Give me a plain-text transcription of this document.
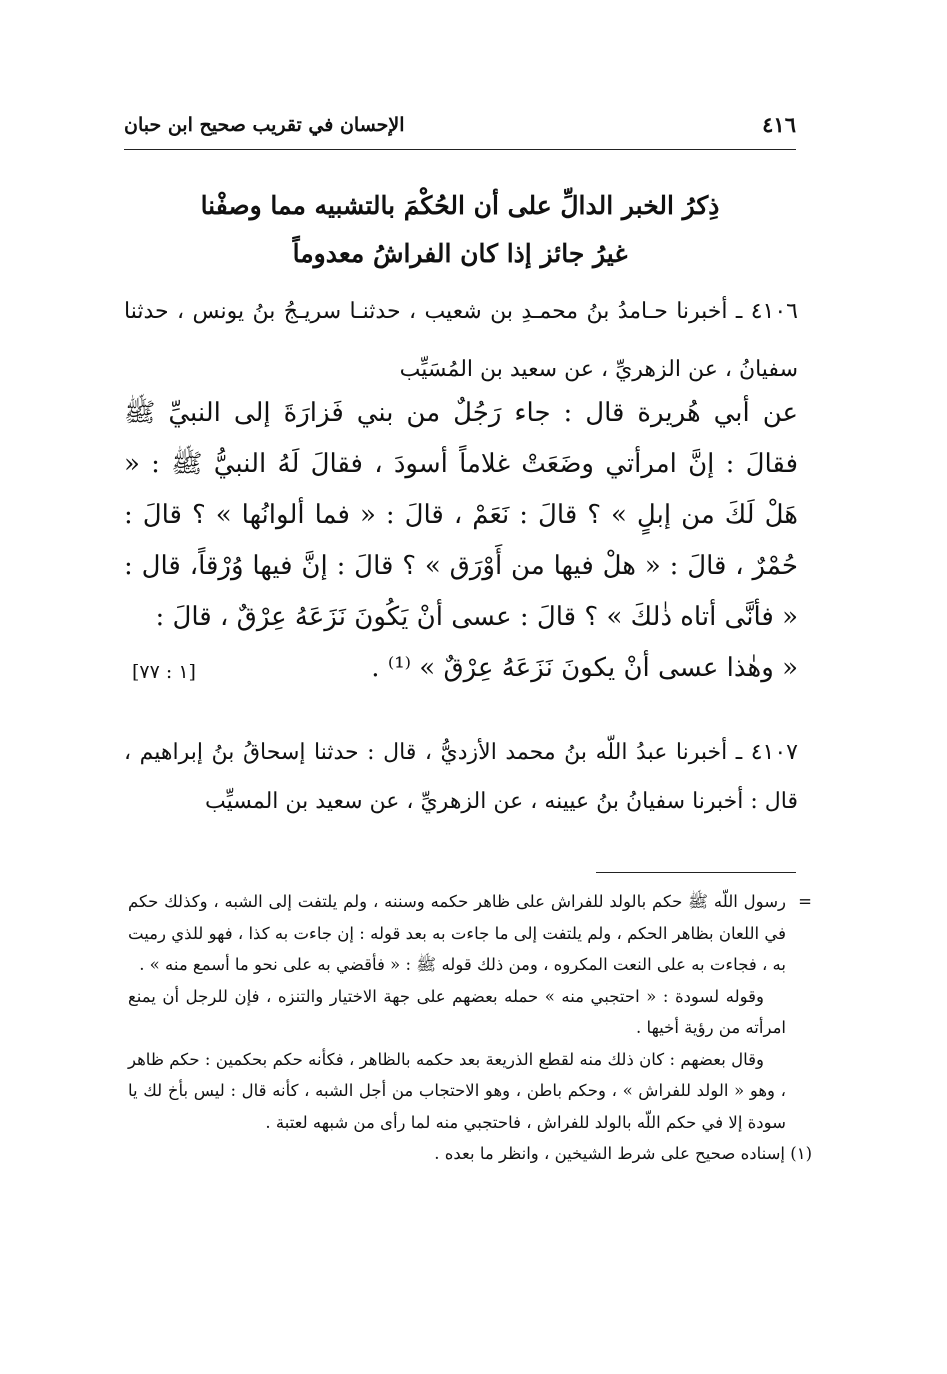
٤١٦
الإحسان في تقريب صحيح ابن حبان
ذِكرُ الخبر الدالِّ على أن الحُكْمَ بالتشبيه مما وصفْنا
غيرُ جائز إذا كان الفراشُ معدوماً

٤١٠٦ ـ أخبرنا حـامدُ بنُ محمـدِ بن شعيب ، حدثنـا سريـجُ بنُ يونس ، حدثنا سفيانُ ، عن الزهريِّ ، عن سعيد بن المُسَيِّب

عن أبي هُريرة قال : جاء رَجُلٌ من بني فَزارَةَ إلى النبيِّ ﷺ فقالَ : إنَّ امرأتي وضَعَتْ غلاماً أسودَ ، فقالَ لَهُ النبيُّ ﷺ : « هَلْ لَكَ من إبلٍ » ؟ قالَ : نَعَمْ ، قالَ : « فما ألوانُها » ؟ قالَ : حُمْرٌ ، قالَ : « هلْ فيها من أَوْرَق » ؟ قالَ : إنَّ فيها وُرْقاً، قال : « فأنَّى أتاه ذٰلكَ » ؟ قالَ : عسى أنْ يَكُونَ نَزَعَهُ عِرْقٌ ، قالَ :

« وهٰذا عسى أنْ يكونَ نَزَعَهُ عِرْقٌ » ⁽¹⁾ .
[١ : ٧٧]

٤١٠٧ ـ أخبرنا عبدُ اللّه بنُ محمد الأزديُّ ، قال : حدثنا إسحاقُ بنُ إبراهيم ، قال : أخبرنا سفيانُ بنُ عيينه ، عن الزهريِّ ، عن سعيد بن المسيِّب

=
رسول اللّه ﷺ حكم بالولد للفراش على ظاهر حكمه وسننه ، ولم يلتفت إلى الشبه ، وكذلك حكم في اللعان بظاهر الحكم ، ولم يلتفت إلى ما جاءت به بعد قوله : إن جاءت به كذا ، فهو للذي رميت به ، فجاءت به على النعت المكروه ، ومن ذلك قوله ﷺ : « فأقضي به على نحو ما أسمع منه » .

وقوله لسودة : « احتجبي منه » حمله بعضهم على جهة الاختيار والتنزه ، فإن للرجل أن يمنع امرأته من رؤية أخيها .

وقال بعضهم : كان ذلك منه لقطع الذريعة بعد حكمه بالظاهر ، فكأنه حكم بحكمين : حكم ظاهر ، وهو « الولد للفراش » ، وحكم باطن ، وهو الاحتجاب من أجل الشبه ، كأنه قال : ليس بأخ لك يا سودة إلا في حكم اللّه بالولد للفراش ، فاحتجبي منه لما رأى من شبهه لعتبة .

(١) إسناده صحيح على شرط الشيخين ، وانظر ما بعده .
